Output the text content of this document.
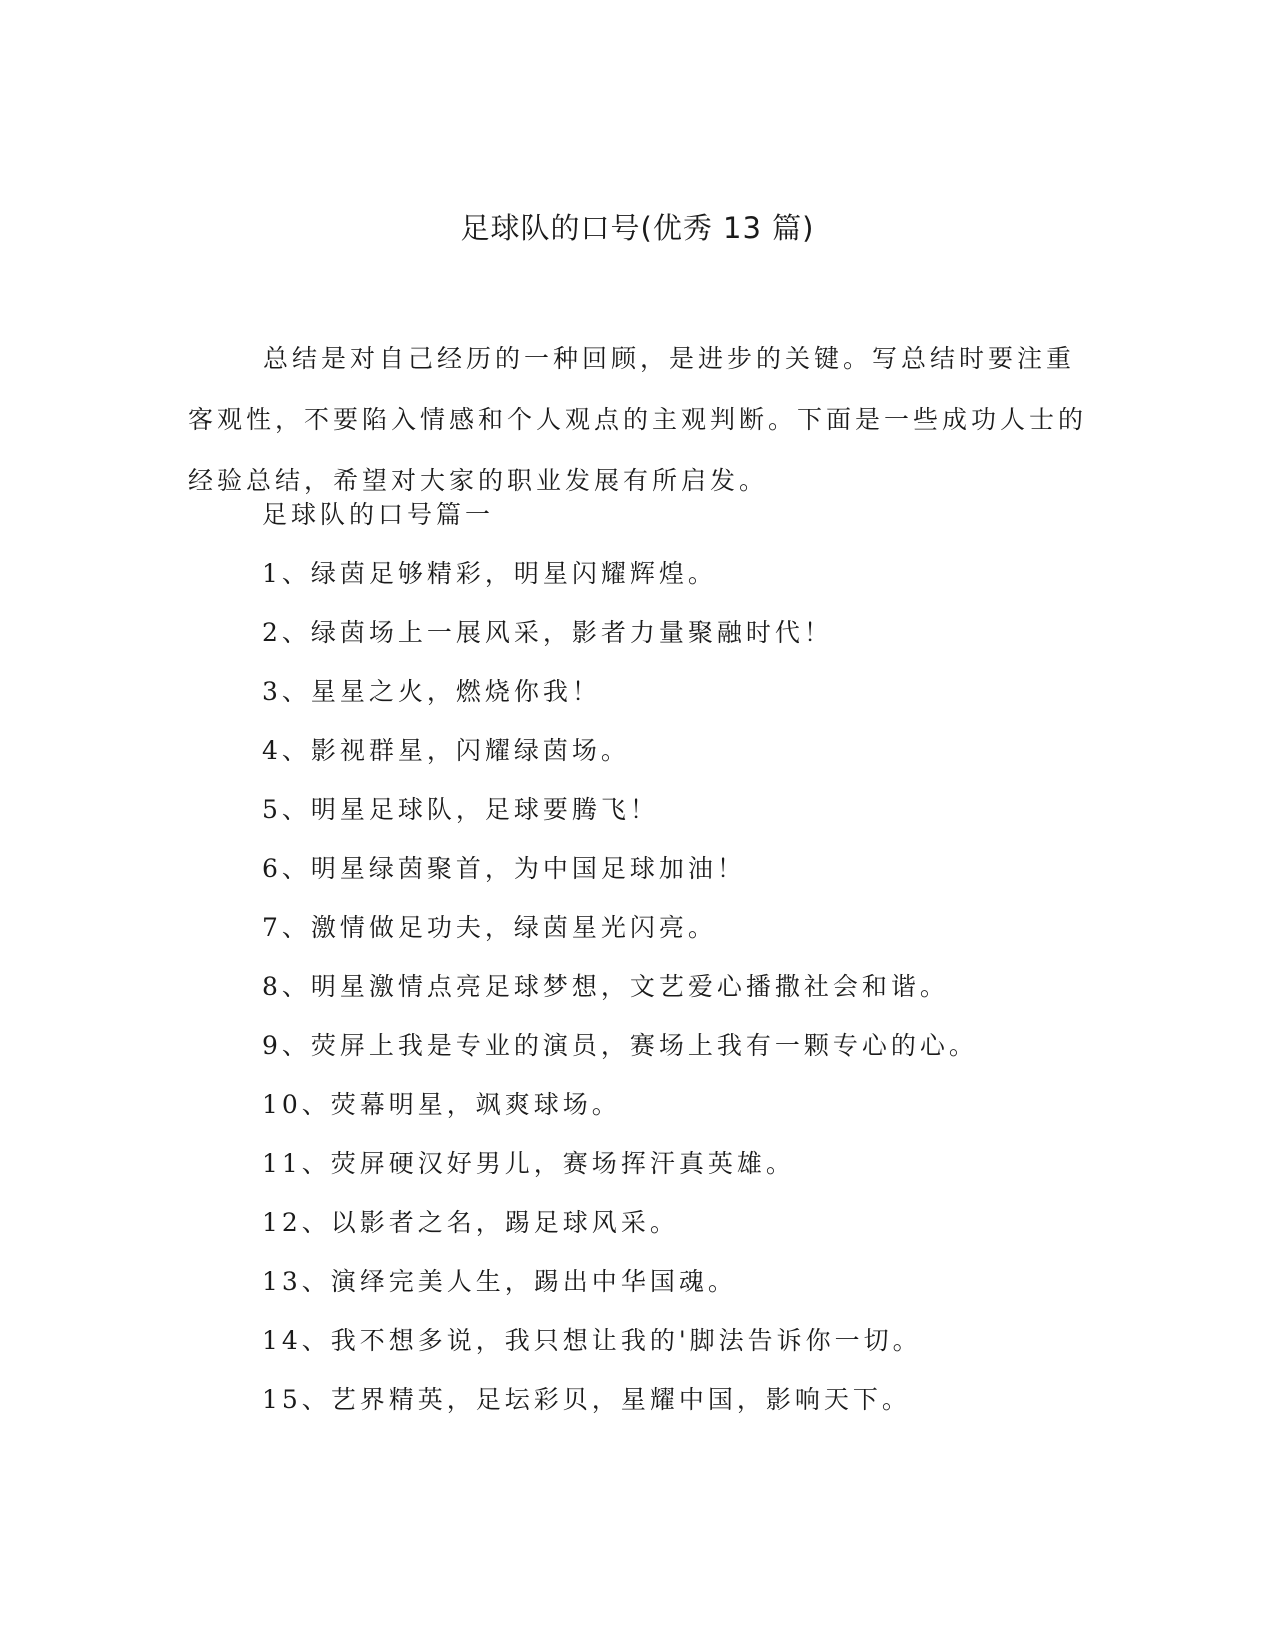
足球队的口号(优秀 13 篇)

总结是对自己经历的一种回顾，是进步的关键。写总结时要注重客观性，不要陷入情感和个人观点的主观判断。下面是一些成功人士的经验总结，希望对大家的职业发展有所启发。

足球队的口号篇一

1、绿茵足够精彩，明星闪耀辉煌。

2、绿茵场上一展风采，影者力量聚融时代！

3、星星之火，燃烧你我！

4、影视群星，闪耀绿茵场。

5、明星足球队，足球要腾飞！

6、明星绿茵聚首，为中国足球加油！

7、激情做足功夫，绿茵星光闪亮。

8、明星激情点亮足球梦想，文艺爱心播撒社会和谐。

9、荧屏上我是专业的演员，赛场上我有一颗专心的心。

10、荧幕明星，飒爽球场。

11、荧屏硬汉好男儿，赛场挥汗真英雄。

12、以影者之名，踢足球风采。

13、演绎完美人生，踢出中华国魂。

14、我不想多说，我只想让我的'脚法告诉你一切。

15、艺界精英，足坛彩贝，星耀中国，影响天下。
